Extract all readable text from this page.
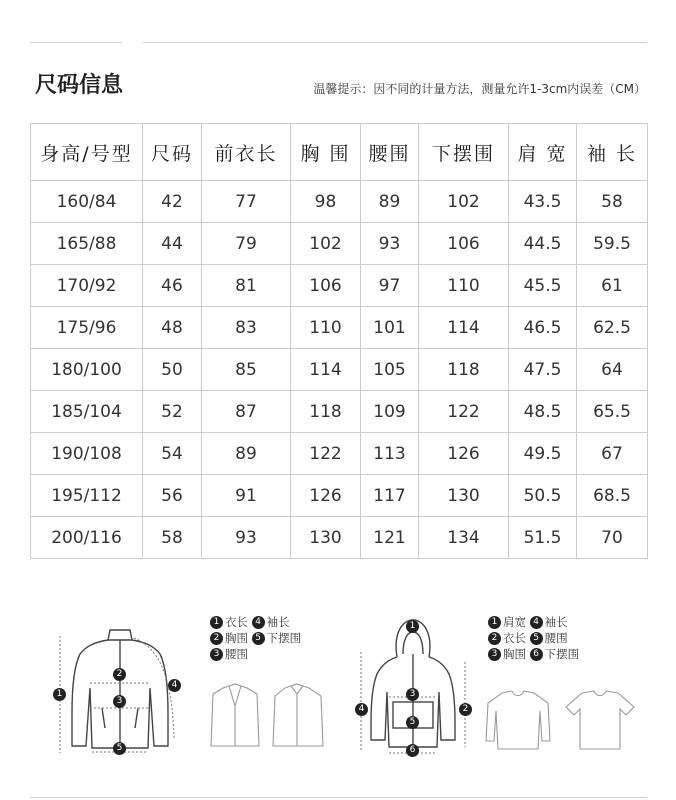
尺码信息	温馨提示：因不同的计量方法，测量允许1-3cm内误差（CM）
身高/号型	尺码	前衣长	胸 围	腰围	下摆围	肩 宽	袖 长
160/84	42	77	98	89	102	43.5	58
165/88	44	79	102	93	106	44.5	59.5
170/92	46	81	106	97	110	45.5	61
175/96	48	83	110	101	114	46.5	62.5
180/100	50	85	114	105	118	47.5	64
185/104	52	87	118	109	122	48.5	65.5
190/108	54	89	122	113	126	49.5	67
195/112	56	91	126	117	130	50.5	68.5
200/116	58	93	130	121	134	51.5	70
1
2
3
4
5
1 衣长 4 袖长
2 胸围 5 下摆围
3 腰围
1
2
3
4
5
6
1 肩宽 4 袖长
2 衣长 5 腰围
3 胸围 6 下摆围
